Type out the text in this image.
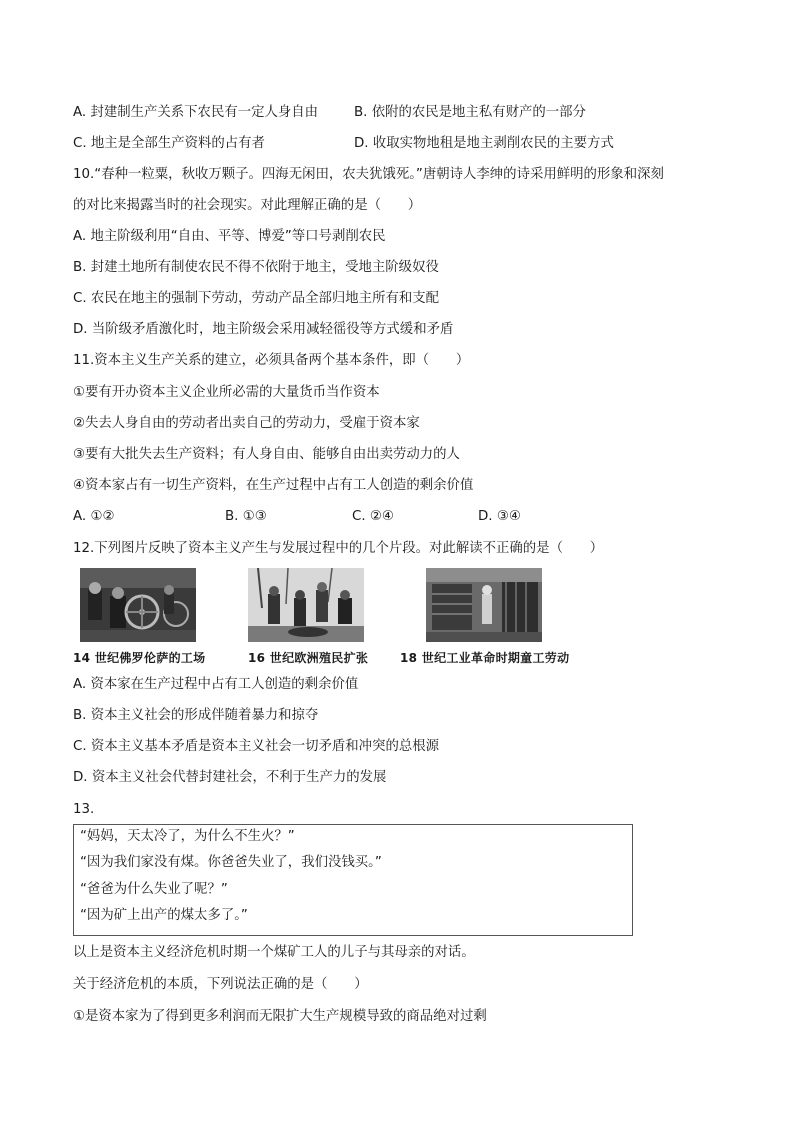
A. 封建制生产关系下农民有一定人身自由	B. 依附的农民是地主私有财产的一部分
C. 地主是全部生产资料的占有者	D. 收取实物地租是地主剥削农民的主要方式
10.“春种一粒粟，秋收万颗子。四海无闲田，农夫犹饿死。”唐朝诗人李绅的诗采用鲜明的形象和深刻
的对比来揭露当时的社会现实。对此理解正确的是（　　）
A. 地主阶级利用“自由、平等、博爱”等口号剥削农民
B. 封建土地所有制使农民不得不依附于地主，受地主阶级奴役
C. 农民在地主的强制下劳动，劳动产品全部归地主所有和支配
D. 当阶级矛盾激化时，地主阶级会采用减轻徭役等方式缓和矛盾
11.资本主义生产关系的建立，必须具备两个基本条件，即（　　）
①要有开办资本主义企业所必需的大量货币当作资本
②失去人身自由的劳动者出卖自己的劳动力，受雇于资本家
③要有大批失去生产资料；有人身自由、能够自由出卖劳动力的人
④资本家占有一切生产资料，在生产过程中占有工人创造的剩余价值
A. ①②	B. ①③	C. ②④	D. ③④
12.下列图片反映了资本主义产生与发展过程中的几个片段。对此解读不正确的是（　　）
14 世纪佛罗伦萨的工场	16 世纪欧洲殖民扩张	18 世纪工业革命时期童工劳动
A. 资本家在生产过程中占有工人创造的剩余价值
B. 资本主义社会的形成伴随着暴力和掠夺
C. 资本主义基本矛盾是资本主义社会一切矛盾和冲突的总根源
D. 资本主义社会代替封建社会，不利于生产力的发展
13.
“妈妈，天太冷了，为什么不生火？”
“因为我们家没有煤。你爸爸失业了，我们没钱买。”
“爸爸为什么失业了呢？”
“因为矿上出产的煤太多了。”
以上是资本主义经济危机时期一个煤矿工人的儿子与其母亲的对话。
关于经济危机的本质，下列说法正确的是（　　）
①是资本家为了得到更多利润而无限扩大生产规模导致的商品绝对过剩
